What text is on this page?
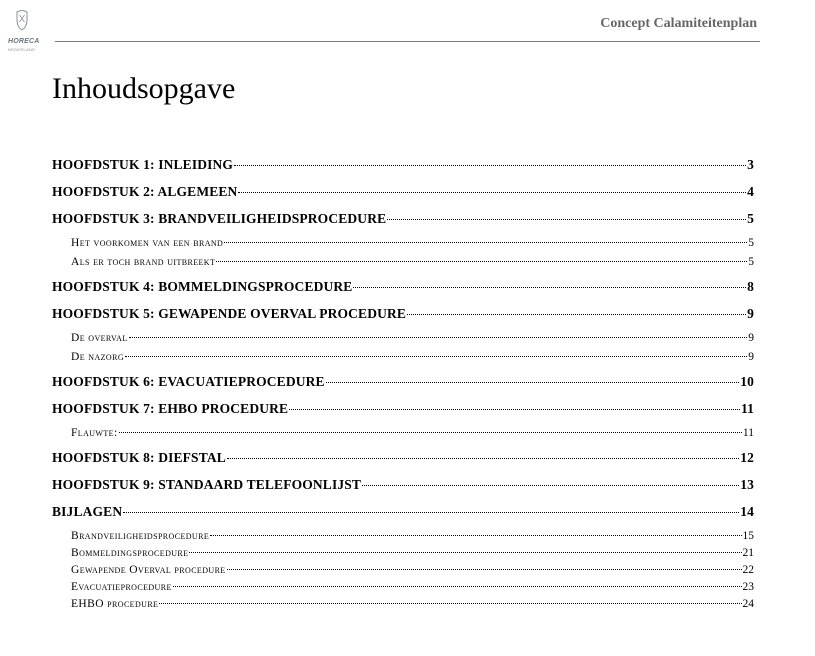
HORECA
NEDERLAND
Concept Calamiteitenplan
Inhoudsopgave
HOOFDSTUK 1: INLEIDING	3
HOOFDSTUK 2: ALGEMEEN	4
HOOFDSTUK 3: BRANDVEILIGHEIDSPROCEDURE	5
Het voorkomen van een brand	5
Als er toch brand uitbreekt	5
HOOFDSTUK 4: BOMMELDINGSPROCEDURE	8
HOOFDSTUK 5: GEWAPENDE OVERVAL PROCEDURE	9
De overval	9
De nazorg	9
HOOFDSTUK 6: EVACUATIEPROCEDURE	10
HOOFDSTUK 7: EHBO PROCEDURE	11
Flauwte:	11
HOOFDSTUK 8: DIEFSTAL	12
HOOFDSTUK 9: STANDAARD TELEFOONLIJST	13
BIJLAGEN	14
Brandveiligheidsprocedure	15
Bommeldingsprocedure	21
Gewapende Overval procedure	22
Evacuatieprocedure	23
EHBO procedure	24
